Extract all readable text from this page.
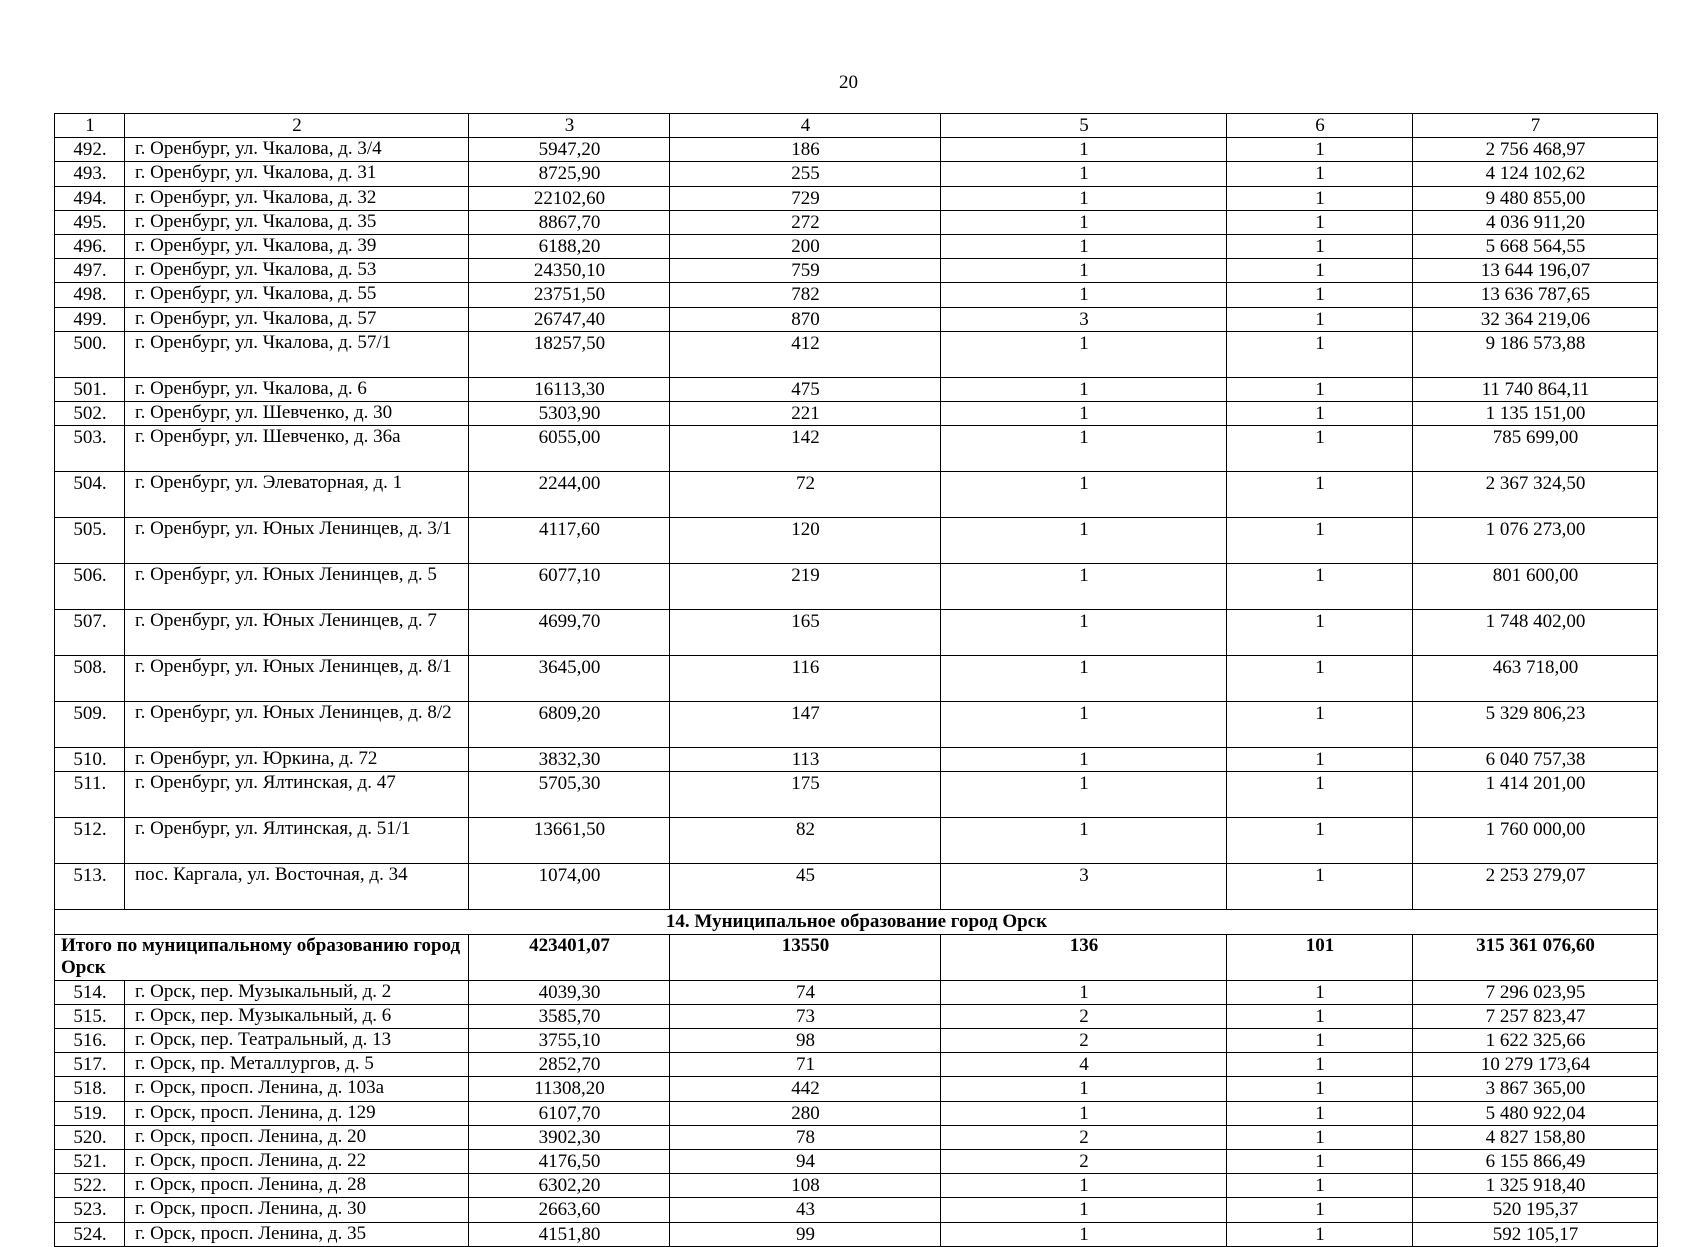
20
1	2	3	4	5	6	7
492.	г. Оренбург, ул. Чкалова, д. 3/4	5947,20	186	1	1	2 756 468,97
493.	г. Оренбург, ул. Чкалова, д. 31	8725,90	255	1	1	4 124 102,62
494.	г. Оренбург, ул. Чкалова, д. 32	22102,60	729	1	1	9 480 855,00
495.	г. Оренбург, ул. Чкалова, д. 35	8867,70	272	1	1	4 036 911,20
496.	г. Оренбург, ул. Чкалова, д. 39	6188,20	200	1	1	5 668 564,55
497.	г. Оренбург, ул. Чкалова, д. 53	24350,10	759	1	1	13 644 196,07
498.	г. Оренбург, ул. Чкалова, д. 55	23751,50	782	1	1	13 636 787,65
499.	г. Оренбург, ул. Чкалова, д. 57	26747,40	870	3	1	32 364 219,06
500.	г. Оренбург, ул. Чкалова, д. 57/1	18257,50	412	1	1	9 186 573,88
501.	г. Оренбург, ул. Чкалова, д. 6	16113,30	475	1	1	11 740 864,11
502.	г. Оренбург, ул. Шевченко, д. 30	5303,90	221	1	1	1 135 151,00
503.	г. Оренбург, ул. Шевченко, д. 36а	6055,00	142	1	1	785 699,00
504.	г. Оренбург, ул. Элеваторная, д. 1	2244,00	72	1	1	2 367 324,50
505.	г. Оренбург, ул. Юных Ленинцев, д. 3/1	4117,60	120	1	1	1 076 273,00
506.	г. Оренбург, ул. Юных Ленинцев, д. 5	6077,10	219	1	1	801 600,00
507.	г. Оренбург, ул. Юных Ленинцев, д. 7	4699,70	165	1	1	1 748 402,00
508.	г. Оренбург, ул. Юных Ленинцев, д. 8/1	3645,00	116	1	1	463 718,00
509.	г. Оренбург, ул. Юных Ленинцев, д. 8/2	6809,20	147	1	1	5 329 806,23
510.	г. Оренбург, ул. Юркина, д. 72	3832,30	113	1	1	6 040 757,38
511.	г. Оренбург, ул. Ялтинская, д. 47	5705,30	175	1	1	1 414 201,00
512.	г. Оренбург, ул. Ялтинская, д. 51/1	13661,50	82	1	1	1 760 000,00
513.	пос. Каргала, ул. Восточная, д. 34	1074,00	45	3	1	2 253 279,07
14. Муниципальное образование город Орск						
Итого по муниципальному образованию город Орск		423401,07	13550	136	101	315 361 076,60
514.	г. Орск, пер. Музыкальный, д. 2	4039,30	74	1	1	7 296 023,95
515.	г. Орск, пер. Музыкальный, д. 6	3585,70	73	2	1	7 257 823,47
516.	г. Орск, пер. Театральный, д. 13	3755,10	98	2	1	1 622 325,66
517.	г. Орск, пр. Металлургов, д. 5	2852,70	71	4	1	10 279 173,64
518.	г. Орск, просп. Ленина, д. 103а	11308,20	442	1	1	3 867 365,00
519.	г. Орск, просп. Ленина, д. 129	6107,70	280	1	1	5 480 922,04
520.	г. Орск, просп. Ленина, д. 20	3902,30	78	2	1	4 827 158,80
521.	г. Орск, просп. Ленина, д. 22	4176,50	94	2	1	6 155 866,49
522.	г. Орск, просп. Ленина, д. 28	6302,20	108	1	1	1 325 918,40
523.	г. Орск, просп. Ленина, д. 30	2663,60	43	1	1	520 195,37
524.	г. Орск, просп. Ленина, д. 35	4151,80	99	1	1	592 105,17
